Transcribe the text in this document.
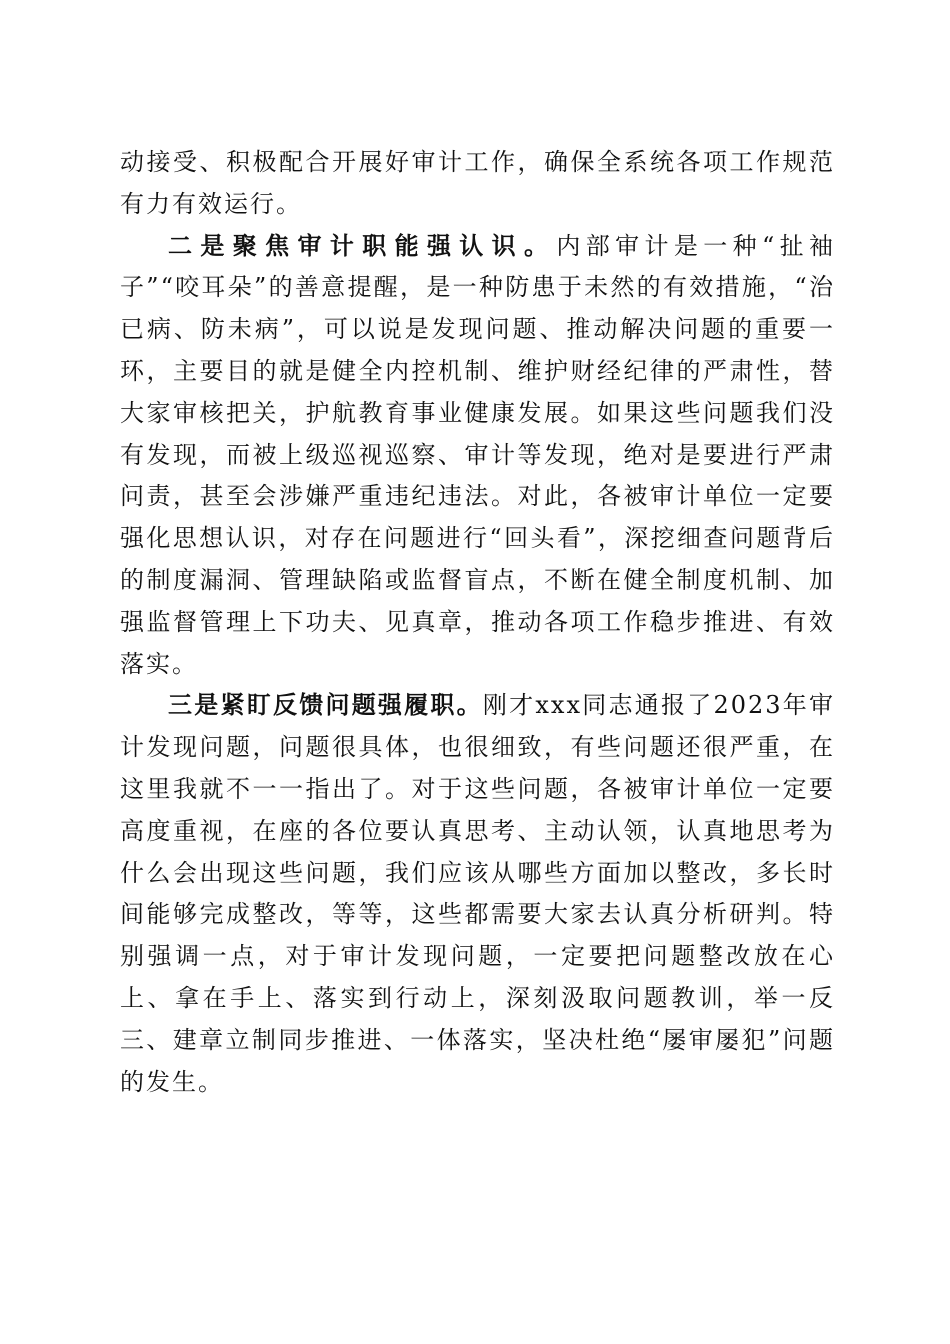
动接受、积极配合开展好审计工作，确保全系统各项工作规范有力有效运行。

二是聚焦审计职能强认识。内部审计是一种“扯袖子”“咬耳朵”的善意提醒，是一种防患于未然的有效措施，“治已病、防未病”，可以说是发现问题、推动解决问题的重要一环，主要目的就是健全内控机制、维护财经纪律的严肃性，替大家审核把关，护航教育事业健康发展。如果这些问题我们没有发现，而被上级巡视巡察、审计等发现，绝对是要进行严肃问责，甚至会涉嫌严重违纪违法。对此，各被审计单位一定要强化思想认识，对存在问题进行“回头看”，深挖细查问题背后的制度漏洞、管理缺陷或监督盲点，不断在健全制度机制、加强监督管理上下功夫、见真章，推动各项工作稳步推进、有效落实。

三是紧盯反馈问题强履职。刚才xxx同志通报了2023年审计发现问题，问题很具体，也很细致，有些问题还很严重，在这里我就不一一指出了。对于这些问题，各被审计单位一定要高度重视，在座的各位要认真思考、主动认领，认真地思考为什么会出现这些问题，我们应该从哪些方面加以整改，多长时间能够完成整改，等等，这些都需要大家去认真分析研判。特别强调一点，对于审计发现问题，一定要把问题整改放在心上、拿在手上、落实到行动上，深刻汲取问题教训，举一反三、建章立制同步推进、一体落实，坚决杜绝“屡审屡犯”问题的发生。
